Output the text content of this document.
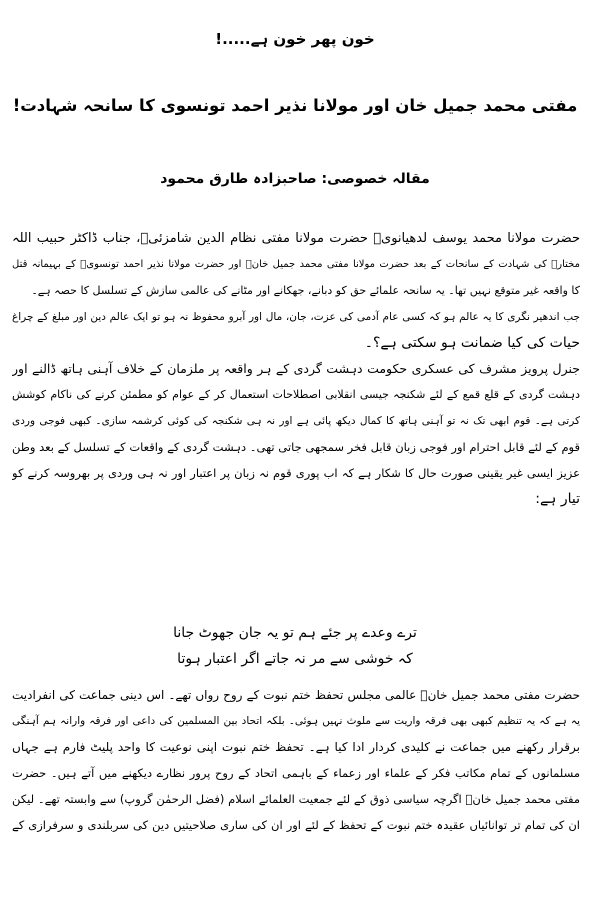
خون پھر خون ہے.....!
مفتی محمد جمیل خان اور مولانا نذیر احمد تونسوی کا سانحہ شہادت!
مقالہ خصوصی: صاحبزادہ طارق محمود
حضرت مولانا محمد یوسف لدھیانویؒ حضرت مولانا مفتی نظام الدین شامزئیؒ، جناب ڈاکٹر حبیب اللہ
مختارؒ کی شہادت کے سانحات کے بعد حضرت مولانا مفتی محمد جمیل خانؒ اور حضرت مولانا نذیر احمد تونسویؒ کے بہیمانہ قتل
کا واقعہ غیر متوقع نہیں تھا۔ یہ سانحہ علمائے حق کو دبانے، جھکانے اور مٹانے کی عالمی سازش کے تسلسل کا حصہ ہے۔
جب اندھیر نگری کا یہ عالم ہو کہ کسی عام آدمی کی عزت، جان، مال اور آبرو محفوظ نہ ہو تو ایک عالم دین اور مبلغ کے چراغ
حیات کی کیا ضمانت ہو سکتی ہے؟۔
جنرل پرویز مشرف کی عسکری حکومت دہشت گردی کے ہر واقعہ پر ملزمان کے خلاف آہنی ہاتھ ڈالنے اور
دہشت گردی کے قلع قمع کے لئے شکنجہ جیسی انقلابی اصطلاحات استعمال کر کے عوام کو مطمئن کرنے کی ناکام کوشش
کرتی ہے۔ قوم ابھی تک نہ تو آہنی ہاتھ کا کمال دیکھ پائی ہے اور نہ ہی شکنجہ کی کوئی کرشمہ سازی۔ کبھی فوجی وردی
قوم کے لئے قابل احترام اور فوجی زبان قابل فخر سمجھی جاتی تھی۔ دہشت گردی کے واقعات کے تسلسل کے بعد وطن
عزیز ایسی غیر یقینی صورت حال کا شکار ہے کہ اب پوری قوم نہ زبان پر اعتبار اور نہ ہی وردی پر بھروسہ کرنے کو
تیار ہے:
ترے وعدے پر جئے ہم تو یہ جان جھوٹ جانا
کہ خوشی سے مر نہ جاتے اگر اعتبار ہوتا
حضرت مفتی محمد جمیل خانؒ عالمی مجلس تحفظ ختم نبوت کے روح رواں تھے۔ اس دینی جماعت کی انفرادیت
یہ ہے کہ یہ تنظیم کبھی بھی فرقہ واریت سے ملوث نہیں ہوئی۔ بلکہ اتحاد بین المسلمین کی داعی اور فرقہ وارانہ ہم آہنگی
برقرار رکھنے میں جماعت نے کلیدی کردار ادا کیا ہے۔ تحفظ ختم نبوت اپنی نوعیت کا واحد پلیٹ فارم ہے جہاں
مسلمانوں کے تمام مکاتب فکر کے علماء اور زعماء کے باہمی اتحاد کے روح پرور نظارے دیکھنے میں آتے ہیں۔ حضرت
مفتی محمد جمیل خانؒ اگرچہ سیاسی ذوق کے لئے جمعیت العلمائے اسلام (فضل الرحمٰن گروپ) سے وابستہ تھے۔ لیکن
ان کی تمام تر توانائیاں عقیدہ ختم نبوت کے تحفظ کے لئے اور ان کی ساری صلاحیتیں دین کی سربلندی و سرفرازی کے
